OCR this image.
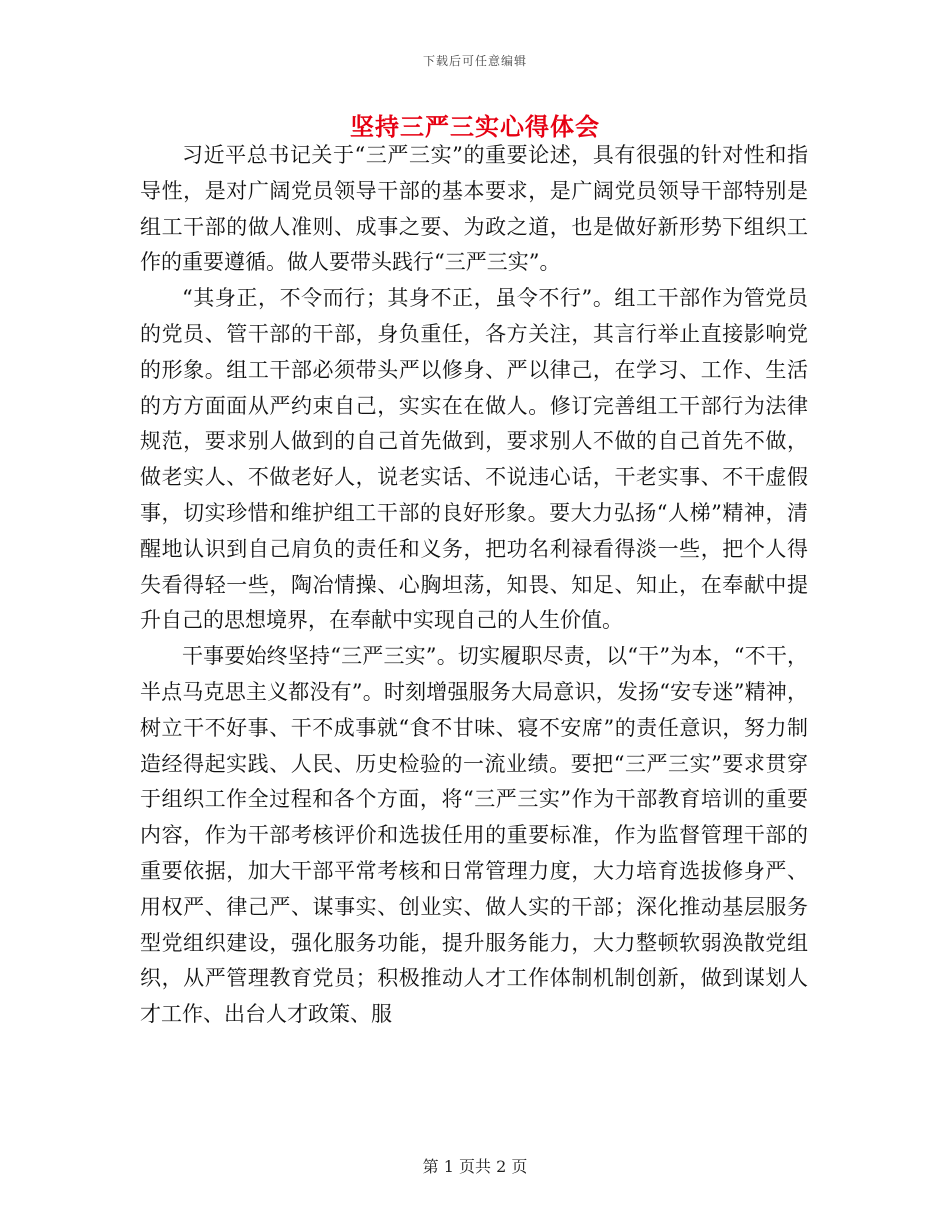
下载后可任意编辑
坚持三严三实心得体会

习近平总书记关于“三严三实”的重要论述，具有很强的针对性和指导性，是对广阔党员领导干部的基本要求，是广阔党员领导干部特别是组工干部的做人准则、成事之要、为政之道，也是做好新形势下组织工作的重要遵循。做人要带头践行“三严三实”。

“其身正，不令而行；其身不正，虽令不行”。组工干部作为管党员的党员、管干部的干部，身负重任，各方关注，其言行举止直接影响党的形象。组工干部必须带头严以修身、严以律己，在学习、工作、生活的方方面面从严约束自己，实实在在做人。修订完善组工干部行为法律规范，要求别人做到的自己首先做到，要求别人不做的自己首先不做，做老实人、不做老好人，说老实话、不说违心话，干老实事、不干虚假事，切实珍惜和维护组工干部的良好形象。要大力弘扬“人梯”精神，清醒地认识到自己肩负的责任和义务，把功名利禄看得淡一些，把个人得失看得轻一些，陶冶情操、心胸坦荡，知畏、知足、知止，在奉献中提升自己的思想境界，在奉献中实现自己的人生价值。

干事要始终坚持“三严三实”。切实履职尽责，以“干”为本，“不干，半点马克思主义都没有”。时刻增强服务大局意识，发扬“安专迷”精神，树立干不好事、干不成事就“食不甘味、寝不安席”的责任意识，努力制造经得起实践、人民、历史检验的一流业绩。要把“三严三实”要求贯穿于组织工作全过程和各个方面，将“三严三实”作为干部教育培训的重要内容，作为干部考核评价和选拔任用的重要标准，作为监督管理干部的重要依据，加大干部平常考核和日常管理力度，大力培育选拔修身严、用权严、律己严、谋事实、创业实、做人实的干部；深化推动基层服务型党组织建设，强化服务功能，提升服务能力，大力整顿软弱涣散党组织，从严管理教育党员；积极推动人才工作体制机制创新，做到谋划人才工作、出台人才政策、服

第 1 页共 2 页
